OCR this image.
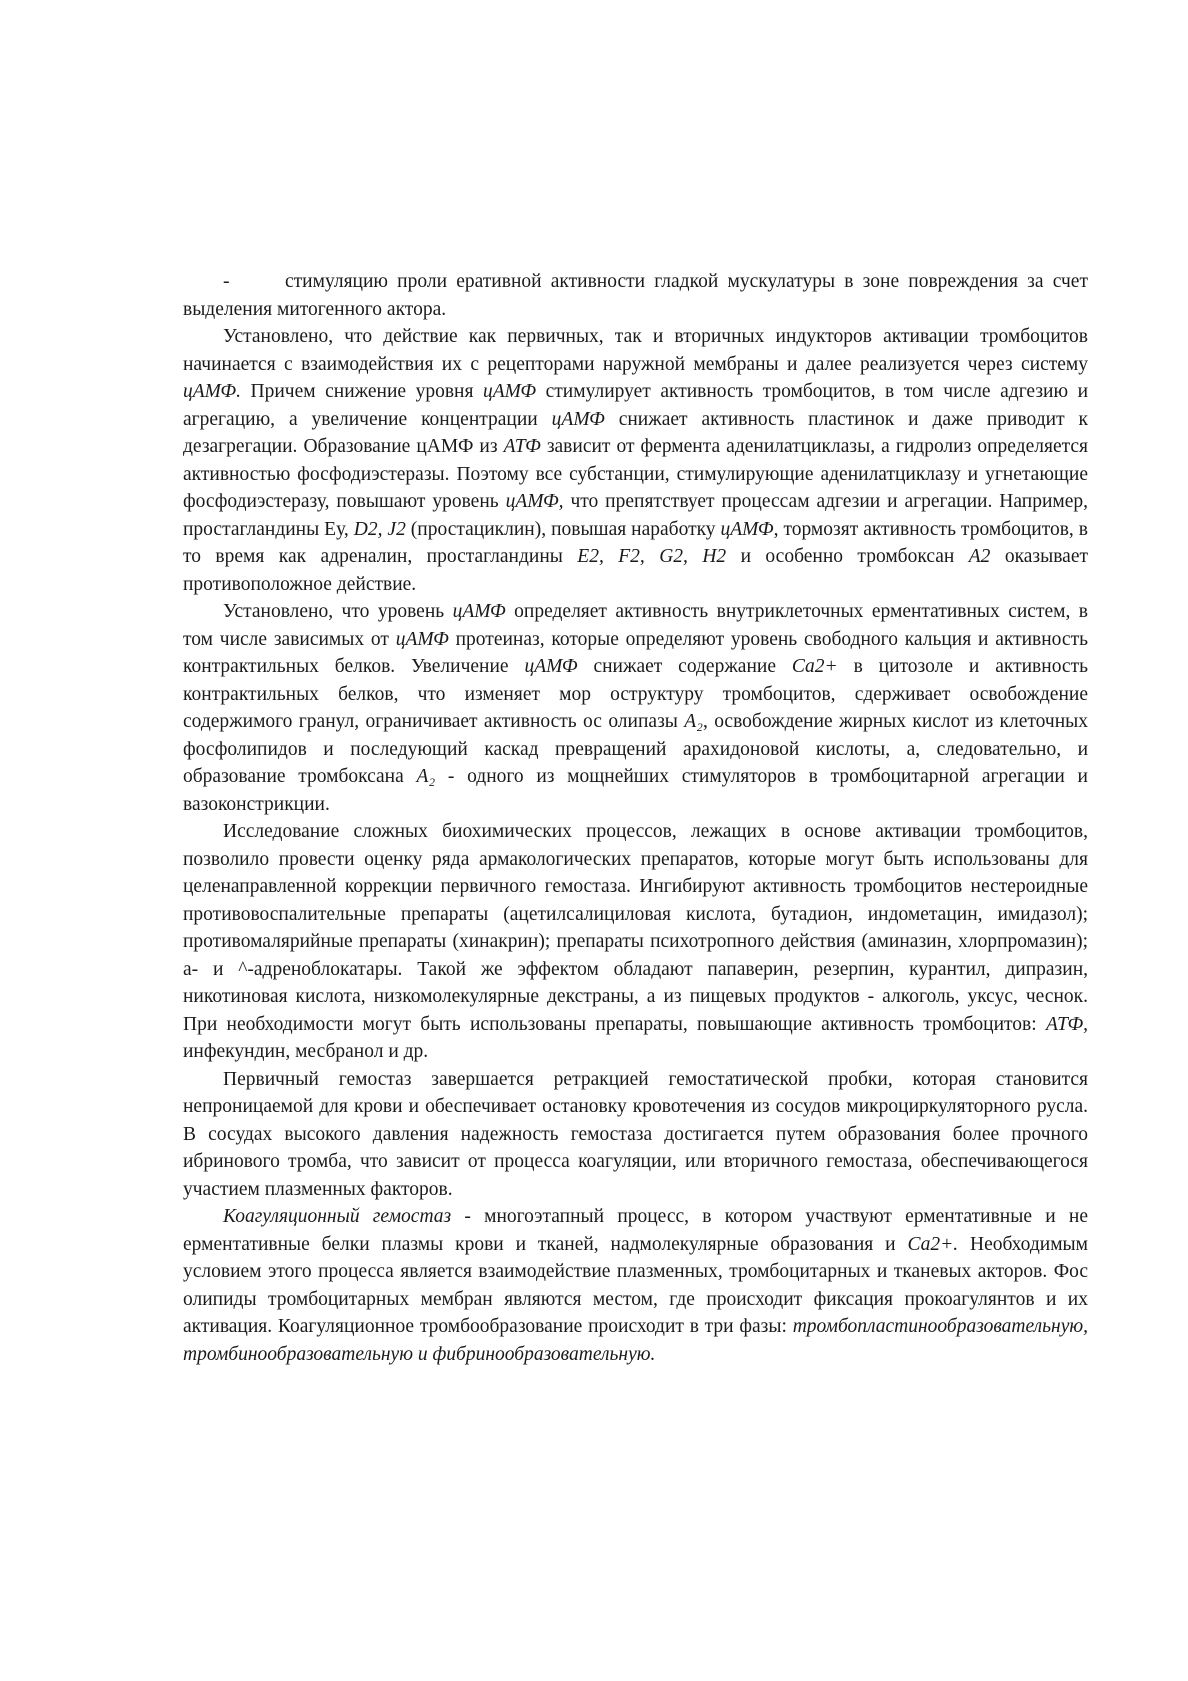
-	стимуляцию проли еративной активности гладкой мускулатуры в зоне повреждения за счет выделения митогенного актора.

Установлено, что действие как первичных, так и вторичных индукторов активации тромбоцитов начинается с взаимодействия их с рецепторами наружной мембраны и далее реализуется через систему цАМФ. Причем снижение уровня цАМФ стимулирует активность тромбоцитов, в том числе адгезию и агрегацию, а увеличение концентрации цАМФ снижает активность пластинок и даже приводит к дезагрегации. Образование цАМФ из АТФ зависит от фермента аденилатциклазы, а гидролиз определяется активностью фосфодиэстеразы. Поэтому все субстанции, стимулирующие аденилатциклазу и угнетающие фосфодиэстеразу, повышают уровень цАМФ, что препятствует процессам адгезии и агрегации. Например, простагландины Еу, D2, J2 (простациклин), повышая наработку цАМФ, тормозят активность тромбоцитов, в то время как адреналин, простагландины Е2, F2, G2, Н2 и особенно тромбоксан А2 оказывает противоположное действие.

Установлено, что уровень цАМФ определяет активность внутриклеточных ерментативных систем, в том числе зависимых от цАМФ протеиназ, которые определяют уровень свободного кальция и активность контрактильных белков. Увеличение цАМФ снижает содержание Са2+ в цитозоле и активность контрактильных белков, что изменяет мор оструктуру тромбоцитов, сдерживает освобождение содержимого гранул, ограничивает активность ос олипазы А₂, освобождение жирных кислот из клеточных фосфолипидов и последующий каскад превращений арахидоновой кислоты, а, следовательно, и образование тромбоксана А₂ - одного из мощнейших стимуляторов в тромбоцитарной агрегации и вазоконстрикции.

Исследование сложных биохимических процессов, лежащих в основе активации тромбоцитов, позволило провести оценку ряда армакологических препаратов, которые могут быть использованы для целенаправленной коррекции первичного гемостаза. Ингибируют активность тромбоцитов нестероидные противовоспалительные препараты (ацетилсалициловая кислота, бутадион, индометацин, имидазол); противомалярийные препараты (хинакрин); препараты психотропного действия (аминазин, хлорпромазин); а- и ^-адреноблокатары. Такой же эффектом обладают папаверин, резерпин, курантил, дипразин, никотиновая кислота, низкомолекулярные декстраны, а из пищевых продуктов - алкоголь, уксус, чеснок. При необходимости могут быть использованы препараты, повышающие активность тромбоцитов: АТФ, инфекундин, месбранол и др.

Первичный гемостаз завершается ретракцией гемостатической пробки, которая становится непроницаемой для крови и обеспечивает остановку кровотечения из сосудов микроциркуляторного русла. В сосудах высокого давления надежность гемостаза достигается путем образования более прочного ибринового тромба, что зависит от процесса коагуляции, или вторичного гемостаза, обеспечивающегося участием плазменных факторов.

Коагуляционный гемостаз - многоэтапный процесс, в котором участвуют ерментативные и не ерментативные белки плазмы крови и тканей, надмолекулярные образования и Са2+. Необходимым условием этого процесса является взаимодействие плазменных, тромбоцитарных и тканевых акторов. Фос олипиды тромбоцитарных мембран являются местом, где происходит фиксация прокоагулянтов и их активация. Коагуляционное тромбообразование происходит в три фазы: тромбопластинообразовательную, тромбинообразовательную и фибринообразовательную.
